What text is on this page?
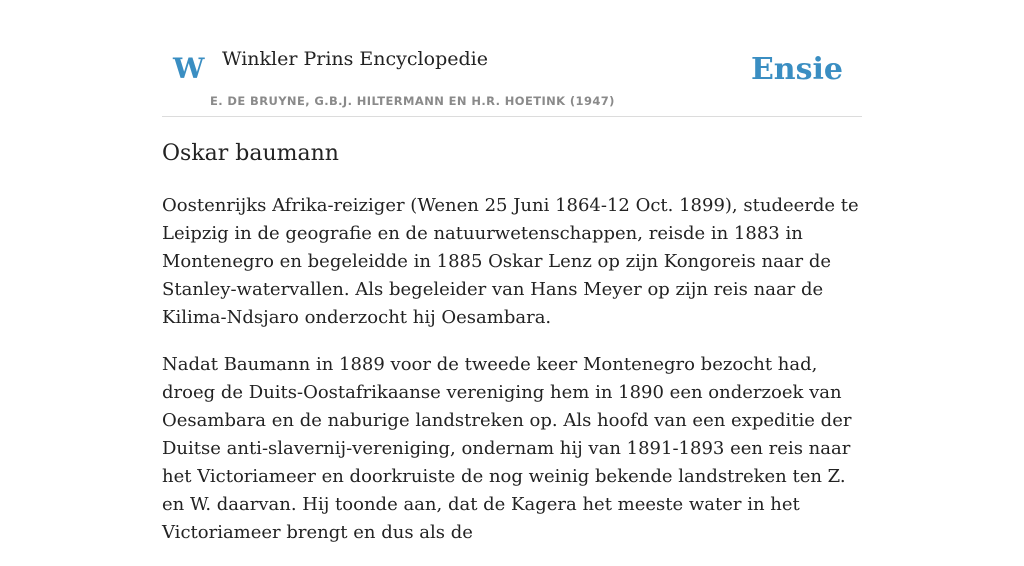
W Winkler Prins Encyclopedie
E. DE BRUYNE, G.B.J. HILTERMANN EN H.R. HOETINK (1947)
Ensie
Oskar baumann

Oostenrijks Afrika-reiziger (Wenen 25 Juni 1864-12 Oct. 1899), studeerde te Leipzig in de geografie en de natuurwetenschappen, reisde in 1883 in Montenegro en begeleidde in 1885 Oskar Lenz op zijn Kongoreis naar de Stanley-watervallen. Als begeleider van Hans Meyer op zijn reis naar de Kilima-Ndsjaro onderzocht hij Oesambara.

Nadat Baumann in 1889 voor de tweede keer Montenegro bezocht had, droeg de Duits-Oostafrikaanse vereniging hem in 1890 een onderzoek van Oesambara en de naburige landstreken op. Als hoofd van een expeditie der Duitse anti-slavernij-vereniging, ondernam hij van 1891-1893 een reis naar het Victoriameer en doorkruiste de nog weinig bekende landstreken ten Z. en W. daarvan. Hij toonde aan, dat de Kagera het meeste water in het Victoriameer brengt en dus als de
